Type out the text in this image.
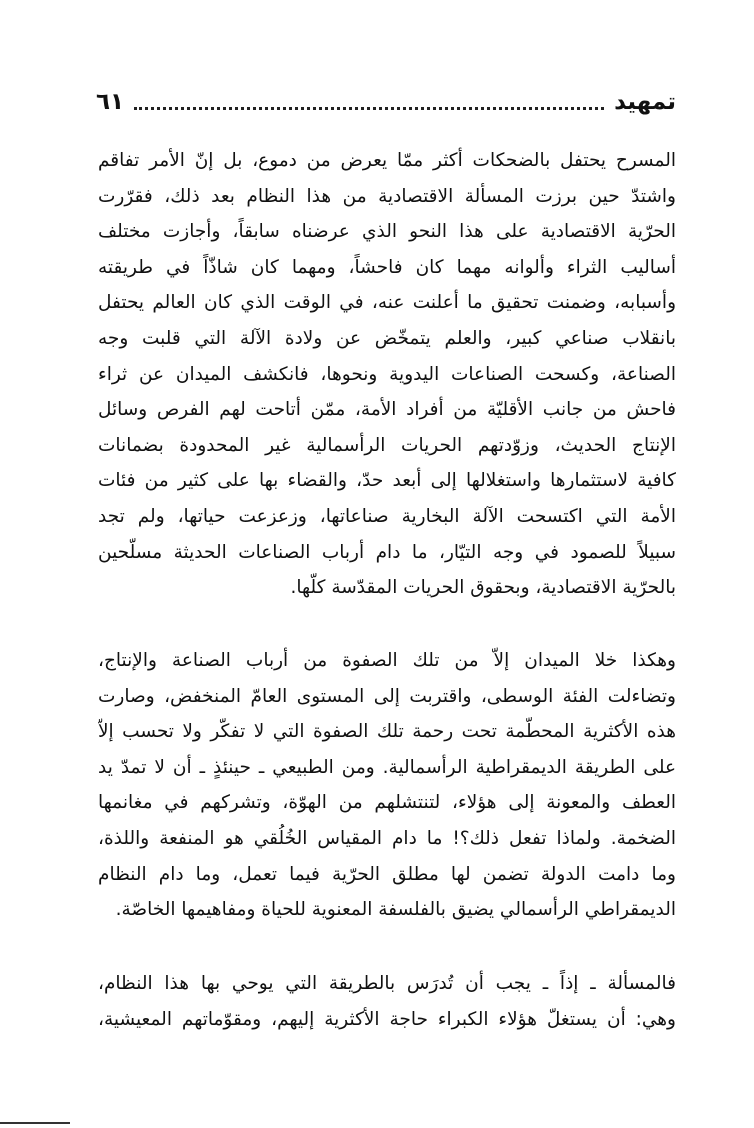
تمهيد
٦١
المسرح يحتفل بالضحكات أكثر ممّا يعرض من دموع، بل إنّ الأمر تفاقم
واشتدّ حين برزت المسألة الاقتصادية من هذا النظام بعد ذلك، فقرّرت
الحرّية الاقتصادية على هذا النحو الذي عرضناه سابقاً، وأجازت مختلف
أساليب الثراء وألوانه مهما كان فاحشاً، ومهما كان شاذّاً في طريقته
وأسبابه، وضمنت تحقيق ما أعلنت عنه، في الوقت الذي كان العالم يحتفل
بانقلاب صناعي كبير، والعلم يتمخّض عن ولادة الآلة التي قلبت وجه
الصناعة، وكسحت الصناعات اليدوية ونحوها، فانكشف الميدان عن ثراء
فاحش من جانب الأقليّة من أفراد الأمة، ممّن أتاحت لهم الفرص وسائل
الإنتاج الحديث، وزوّدتهم الحريات الرأسمالية غير المحدودة بضمانات
كافية لاستثمارها واستغلالها إلى أبعد حدّ، والقضاء بها على كثير من فئات
الأمة التي اكتسحت الآلة البخارية صناعاتها، وزعزعت حياتها، ولم تجد
سبيلاً للصمود في وجه التيّار، ما دام أرباب الصناعات الحديثة مسلّحين
بالحرّية الاقتصادية، وبحقوق الحريات المقدّسة كلّها.
وهكذا خلا الميدان إلاّ من تلك الصفوة من أرباب الصناعة والإنتاج،
وتضاءلت الفئة الوسطى، واقتربت إلى المستوى العامّ المنخفض، وصارت
هذه الأكثرية المحطّمة تحت رحمة تلك الصفوة التي لا تفكّر ولا تحسب إلاّ
على الطريقة الديمقراطية الرأسمالية. ومن الطبيعي ـ حينئذٍ ـ أن لا تمدّ يد
العطف والمعونة إلى هؤلاء، لتنتشلهم من الهوّة، وتشركهم في مغانمها
الضخمة. ولماذا تفعل ذلك؟! ما دام المقياس الخُلُقي هو المنفعة واللذة،
وما دامت الدولة تضمن لها مطلق الحرّية فيما تعمل، وما دام النظام
الديمقراطي الرأسمالي يضيق بالفلسفة المعنوية للحياة ومفاهيمها الخاصّة.
فالمسألة ـ إذاً ـ يجب أن تُدرَس بالطريقة التي يوحي بها هذا النظام،
وهي: أن يستغلّ هؤلاء الكبراء حاجة الأكثرية إليهم، ومقوّماتهم المعيشية،
